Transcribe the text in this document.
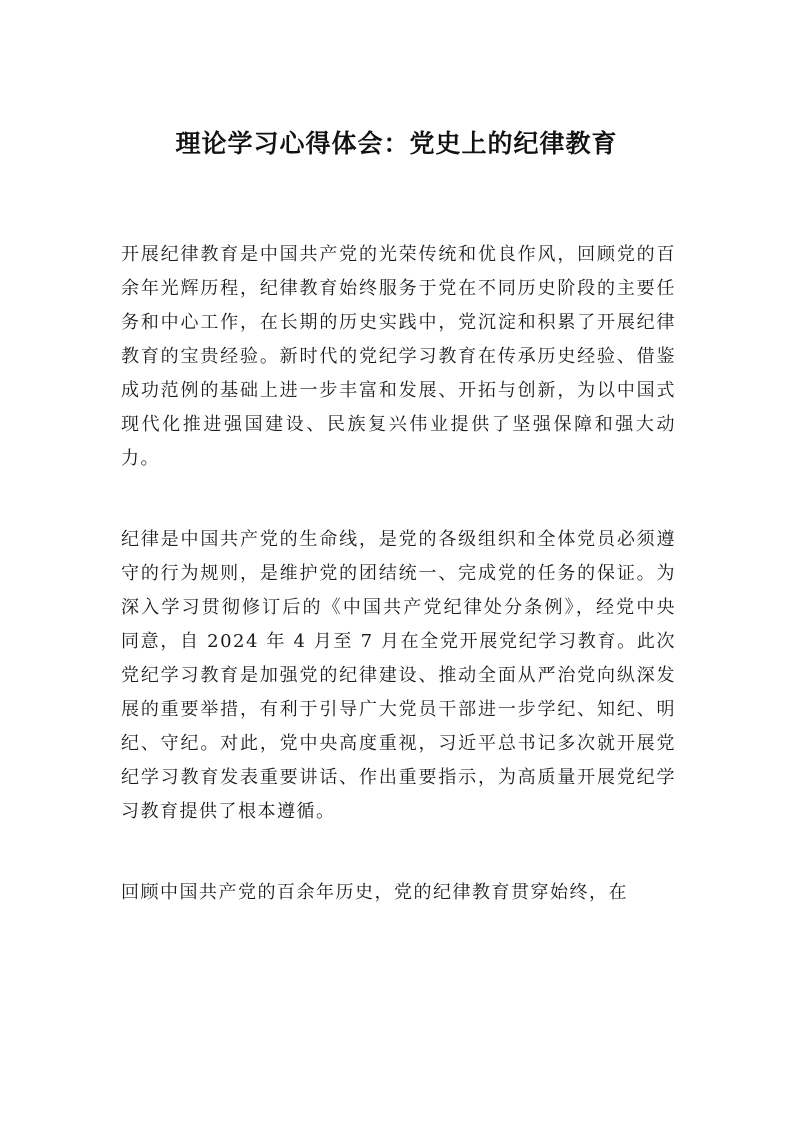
理论学习心得体会：党史上的纪律教育

开展纪律教育是中国共产党的光荣传统和优良作风，回顾党的百余年光辉历程，纪律教育始终服务于党在不同历史阶段的主要任务和中心工作，在长期的历史实践中，党沉淀和积累了开展纪律教育的宝贵经验。新时代的党纪学习教育在传承历史经验、借鉴成功范例的基础上进一步丰富和发展、开拓与创新，为以中国式现代化推进强国建设、民族复兴伟业提供了坚强保障和强大动力。

纪律是中国共产党的生命线，是党的各级组织和全体党员必须遵守的行为规则，是维护党的团结统一、完成党的任务的保证。为深入学习贯彻修订后的《中国共产党纪律处分条例》，经党中央同意，自 2024 年 4 月至 7 月在全党开展党纪学习教育。此次党纪学习教育是加强党的纪律建设、推动全面从严治党向纵深发展的重要举措，有利于引导广大党员干部进一步学纪、知纪、明纪、守纪。对此，党中央高度重视，习近平总书记多次就开展党纪学习教育发表重要讲话、作出重要指示，为高质量开展党纪学习教育提供了根本遵循。

回顾中国共产党的百余年历史，党的纪律教育贯穿始终，在
